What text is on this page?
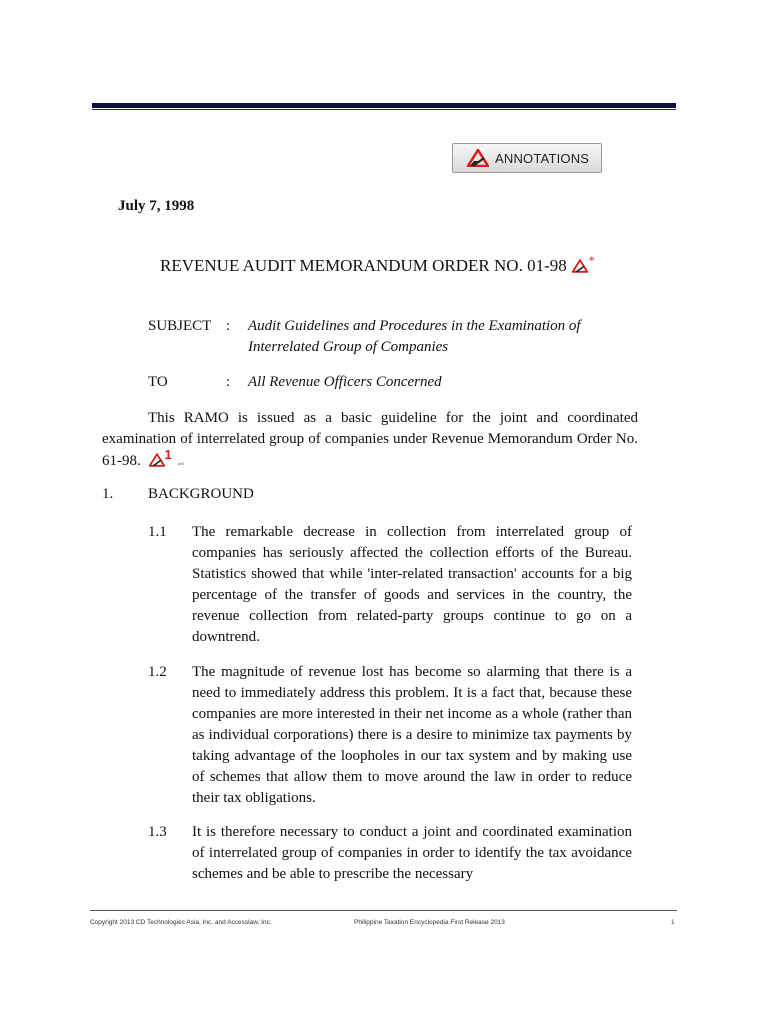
ANNOTATIONS
July 7, 1998
REVENUE AUDIT MEMORANDUM ORDER NO. 01-98 *
SUBJECT : Audit Guidelines and Procedures in the Examination of
Interrelated Group of Companies
TO	: All Revenue Officers Concerned
This RAMO is issued as a basic guideline for the joint and coordinated examination of interrelated group of companies under Revenue Memorandum Order No. 61-98. 1prtil
1. BACKGROUND
1.1 The remarkable decrease in collection from interrelated group of companies has seriously affected the collection efforts of the Bureau. Statistics showed that while 'inter-related transaction' accounts for a big percentage of the transfer of goods and services in the country, the revenue collection from related-party groups continue to go on a downtrend.
1.2 The magnitude of revenue lost has become so alarming that there is a need to immediately address this problem. It is a fact that, because these companies are more interested in their net income as a whole (rather than as individual corporations) there is a desire to minimize tax payments by taking advantage of the loopholes in our tax system and by making use of schemes that allow them to move around the law in order to reduce their tax obligations.
1.3 It is therefore necessary to conduct a joint and coordinated examination of interrelated group of companies in order to identify the tax avoidance schemes and be able to prescribe the necessary
Copyright 2013 CD Technologies Asia, Inc. and Accesslaw, Inc.	Philippine Taxation Encyclopedia First Release 2013	1
